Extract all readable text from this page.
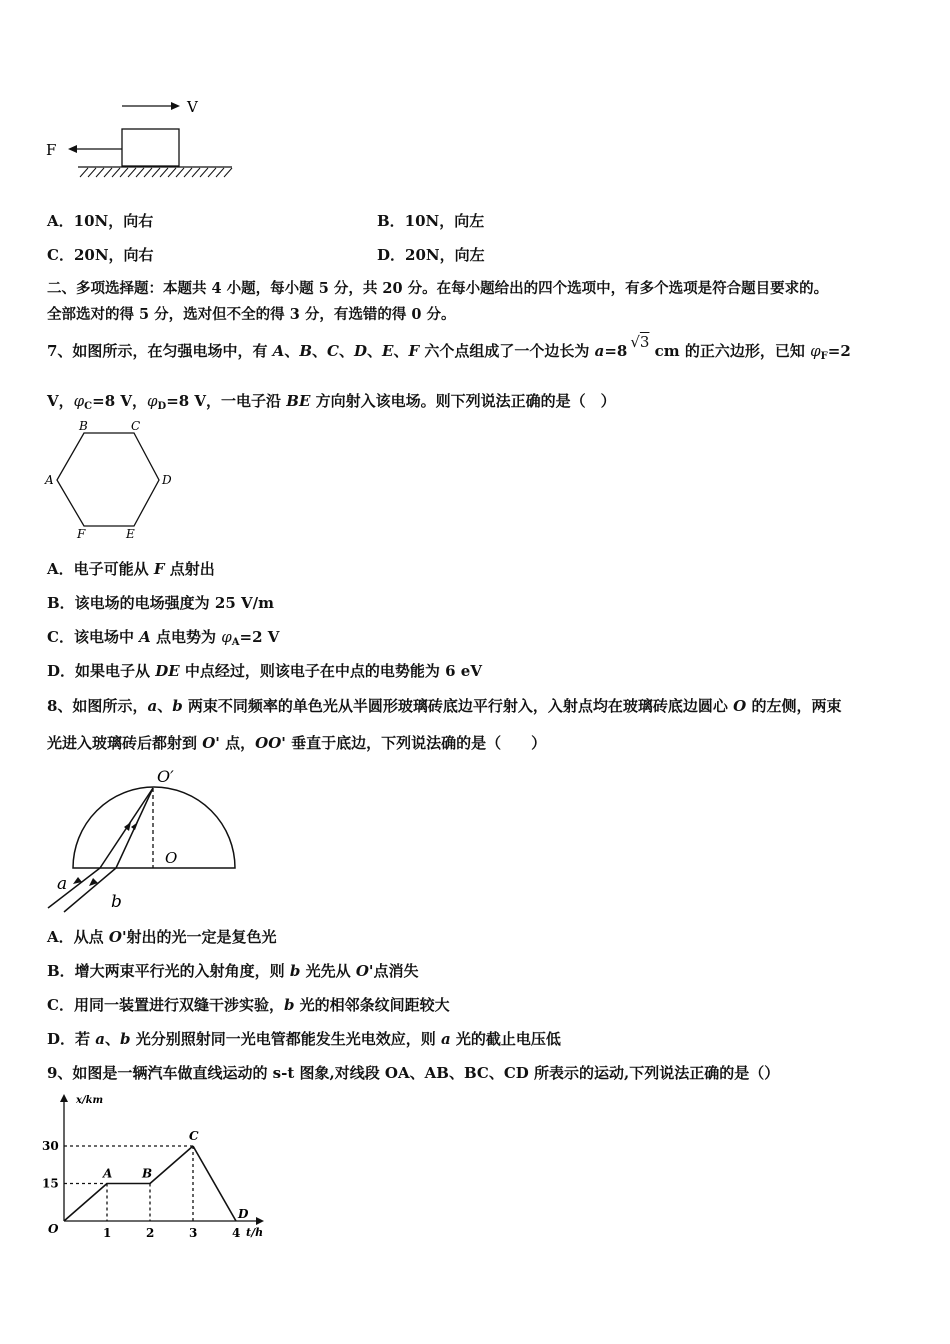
V
F
A．10N，向右	B．10N，向左
C．20N，向右	D．20N，向左
二、多项选择题：本题共 4 小题，每小题 5 分，共 20 分。在每小题给出的四个选项中，有多个选项是符合题目要求的。
全部选对的得 5 分，选对但不全的得 3 分，有选错的得 0 分。
7、如图所示，在匀强电场中，有 A、B、C、D、E、F 六个点组成了一个边长为 a=8 √3 cm 的正六边形，已知 $\varphi_F=2$
V，$\varphi_C=8$ V，$\varphi_D=8$ V，一电子沿 BE 方向射入该电场。则下列说法正确的是（　）
B	C
A	D
F	E
A．电子可能从 F 点射出
B．该电场的电场强度为 25 V/m
C．该电场中 A 点电势为 $\varphi_A=2$ V
D．如果电子从 DE 中点经过，则该电子在中点的电势能为 6 eV
8、如图所示，a、b 两束不同频率的单色光从半圆形玻璃砖底边平行射入，入射点均在玻璃砖底边圆心 O 的左侧，两束
光进入玻璃砖后都射到 O' 点，OO' 垂直于底边，下列说法确的是（　　）
O′
O
a
b
A．从点 O'射出的光一定是复色光
B．增大两束平行光的入射角度，则 b 光先从 O'点消失
C．用同一装置进行双缝干涉实验，b 光的相邻条纹间距较大
D．若 a、b 光分别照射同一光电管都能发生光电效应，则 a 光的截止电压低
9、如图是一辆汽车做直线运动的 s-t 图象,对线段 OA、AB、BC、CD 所表示的运动,下列说法正确的是（）
x/km
t/h
1	2	3	4
15
30
O
A B
C
D
